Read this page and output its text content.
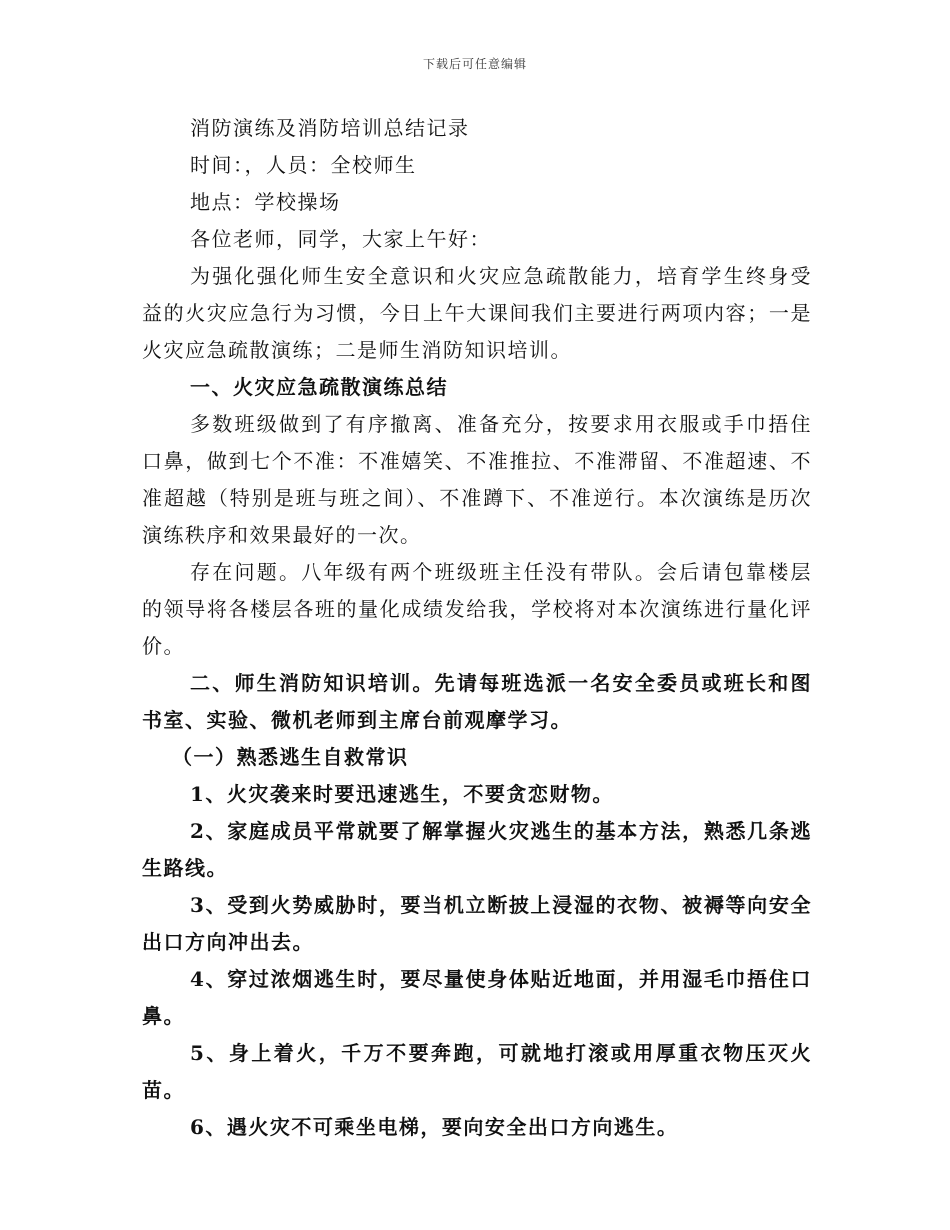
下载后可任意编辑
消防演练及消防培训总结记录
时间：，人员：全校师生
地点：学校操场
各位老师，同学，大家上午好：

为强化强化师生安全意识和火灾应急疏散能力，培育学生终身受益的火灾应急行为习惯，今日上午大课间我们主要进行两项内容；一是火灾应急疏散演练；二是师生消防知识培训。

一、火灾应急疏散演练总结

多数班级做到了有序撤离、准备充分，按要求用衣服或手巾捂住口鼻，做到七个不准：不准嬉笑、不准推拉、不准滞留、不准超速、不准超越（特别是班与班之间）、不准蹲下、不准逆行。本次演练是历次演练秩序和效果最好的一次。

存在问题。八年级有两个班级班主任没有带队。会后请包靠楼层的领导将各楼层各班的量化成绩发给我，学校将对本次演练进行量化评价。

二、师生消防知识培训。先请每班选派一名安全委员或班长和图书室、实验、微机老师到主席台前观摩学习。

（一）熟悉逃生自救常识

1、火灾袭来时要迅速逃生，不要贪恋财物。

2、家庭成员平常就要了解掌握火灾逃生的基本方法，熟悉几条逃生路线。

3、受到火势威胁时，要当机立断披上浸湿的衣物、被褥等向安全出口方向冲出去。

4、穿过浓烟逃生时，要尽量使身体贴近地面，并用湿毛巾捂住口鼻。

5、身上着火，千万不要奔跑，可就地打滚或用厚重衣物压灭火苗。

6、遇火灾不可乘坐电梯，要向安全出口方向逃生。
